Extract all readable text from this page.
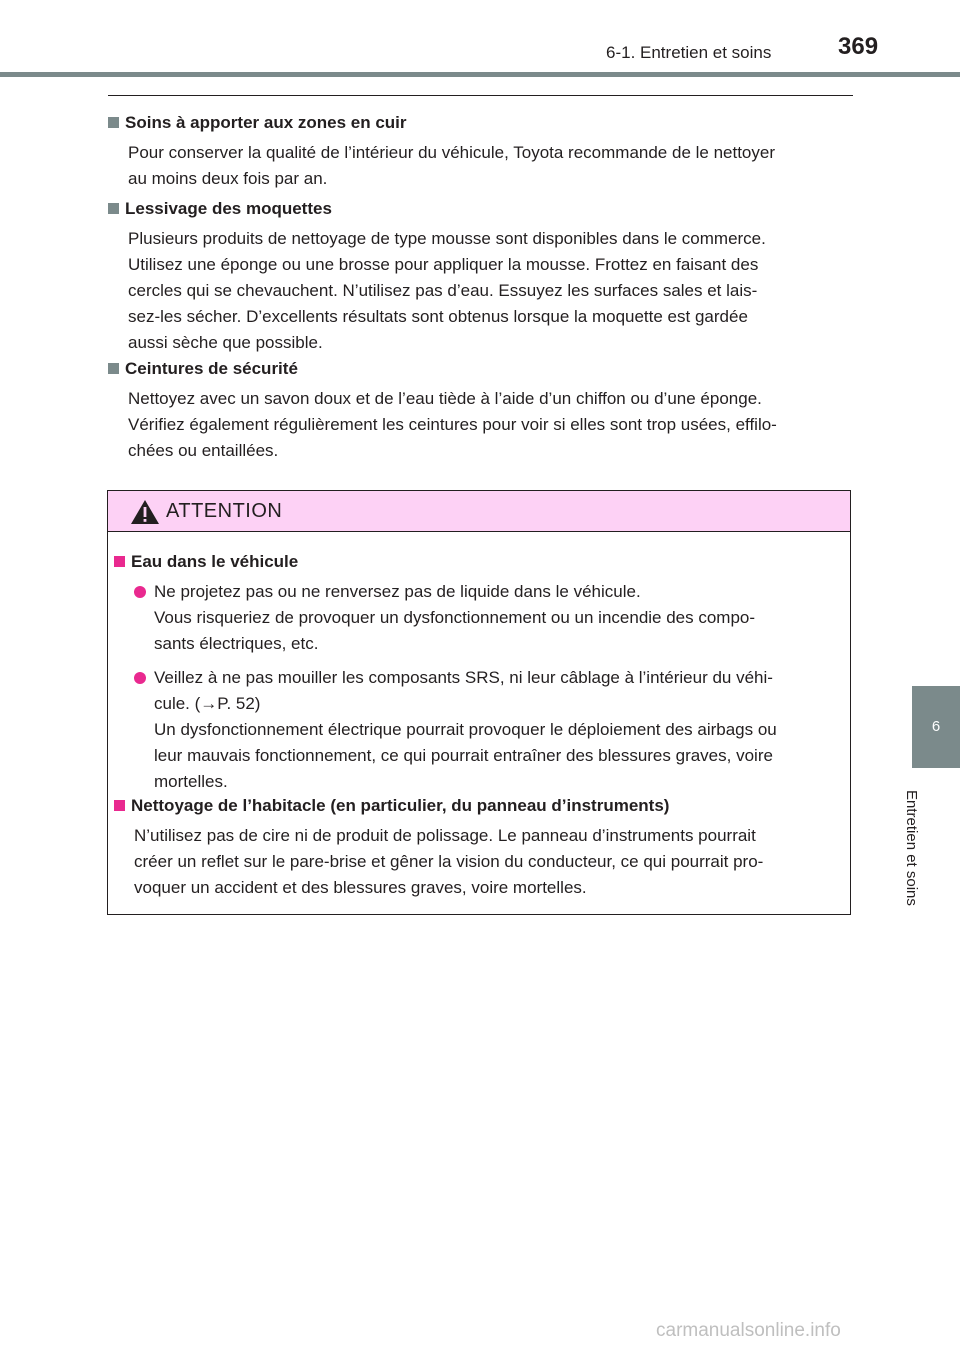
6-1. Entretien et soins	369
6
Entretien et soins
Soins à apporter aux zones en cuir
Pour conserver la qualité de l’intérieur du véhicule, Toyota recommande de le nettoyer
au moins deux fois par an.
Lessivage des moquettes
Plusieurs produits de nettoyage de type mousse sont disponibles dans le commerce.
Utilisez une éponge ou une brosse pour appliquer la mousse. Frottez en faisant des
cercles qui se chevauchent. N’utilisez pas d’eau. Essuyez les surfaces sales et lais-
sez-les sécher. D’excellents résultats sont obtenus lorsque la moquette est gardée
aussi sèche que possible.
Ceintures de sécurité
Nettoyez avec un savon doux et de l’eau tiède à l’aide d’un chiffon ou d’une éponge.
Vérifiez également régulièrement les ceintures pour voir si elles sont trop usées, effilo-
chées ou entaillées.
ATTENTION
Eau dans le véhicule
Ne projetez pas ou ne renversez pas de liquide dans le véhicule.
Vous risqueriez de provoquer un dysfonctionnement ou un incendie des compo-
sants électriques, etc.
Veillez à ne pas mouiller les composants SRS, ni leur câblage à l’intérieur du véhi-
cule. (→P. 52)
Un dysfonctionnement électrique pourrait provoquer le déploiement des airbags ou
leur mauvais fonctionnement, ce qui pourrait entraîner des blessures graves, voire
mortelles.
Nettoyage de l’habitacle (en particulier, du panneau d’instruments)
N’utilisez pas de cire ni de produit de polissage. Le panneau d’instruments pourrait
créer un reflet sur le pare-brise et gêner la vision du conducteur, ce qui pourrait pro-
voquer un accident et des blessures graves, voire mortelles.
carmanualsonline.info
